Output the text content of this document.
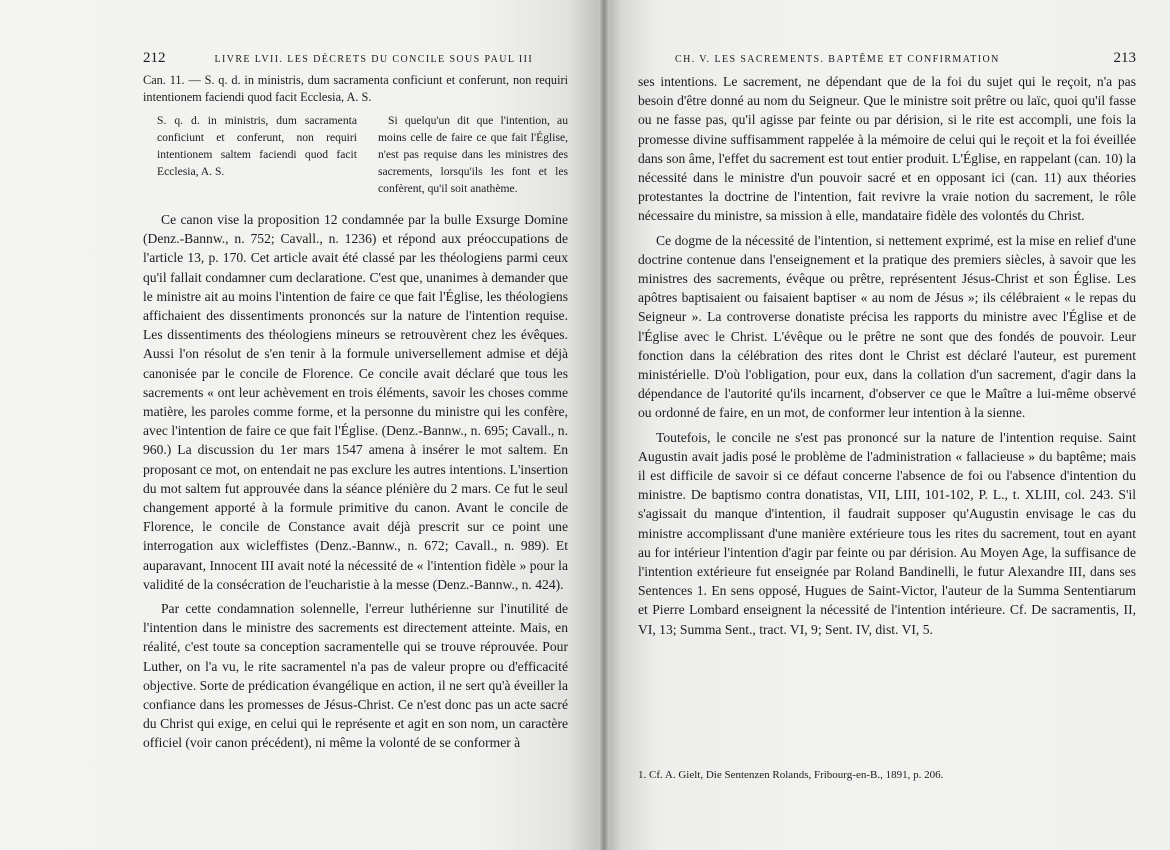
212	LIVRE LVII. LES DÉCRETS DU CONCILE SOUS PAUL III

Can. 11. — S. q. d. in ministris, dum sacramenta conficiunt et conferunt, non requiri intentionem faciendi quod facit Ecclesia, A. S.

S. q. d. in ministris, dum sacramenta conficiunt et conferunt, non requiri intentionem saltem faciendi quod facit Ecclesia, A. S.

Si quelqu'un dit que l'intention, au moins celle de faire ce que fait l'Église, n'est pas requise dans les ministres des sacrements, lorsqu'ils les font et les confèrent, qu'il soit anathème.

Ce canon vise la proposition 12 condamnée par la bulle Exsurge Domine (Denz.-Bannw., n. 752; Cavall., n. 1236) et répond aux préoccupations de l'article 13, p. 170. Cet article avait été classé par les théologiens parmi ceux qu'il fallait condamner cum declaratione. C'est que, unanimes à demander que le ministre ait au moins l'intention de faire ce que fait l'Église, les théologiens affichaient des dissentiments prononcés sur la nature de l'intention requise. Les dissentiments des théologiens mineurs se retrouvèrent chez les évêques. Aussi l'on résolut de s'en tenir à la formule universellement admise et déjà canonisée par le concile de Florence. Ce concile avait déclaré que tous les sacrements « ont leur achèvement en trois éléments, savoir les choses comme matière, les paroles comme forme, et la personne du ministre qui les confère, avec l'intention de faire ce que fait l'Église. (Denz.-Bannw., n. 695; Cavall., n. 960.) La discussion du 1er mars 1547 amena à insérer le mot saltem. En proposant ce mot, on entendait ne pas exclure les autres intentions. L'insertion du mot saltem fut approuvée dans la séance plénière du 2 mars. Ce fut le seul changement apporté à la formule primitive du canon. Avant le concile de Florence, le concile de Constance avait déjà prescrit sur ce point une interrogation aux wicleffistes (Denz.-Bannw., n. 672; Cavall., n. 989). Et auparavant, Innocent III avait noté la nécessité de « l'intention fidèle » pour la validité de la consécration de l'eucharistie à la messe (Denz.-Bannw., n. 424).

Par cette condamnation solennelle, l'erreur luthérienne sur l'inutilité de l'intention dans le ministre des sacrements est directement atteinte. Mais, en réalité, c'est toute sa conception sacramentelle qui se trouve réprouvée. Pour Luther, on l'a vu, le rite sacramentel n'a pas de valeur propre ou d'efficacité objective. Sorte de prédication évangélique en action, il ne sert qu'à éveiller la confiance dans les promesses de Jésus-Christ. Ce n'est donc pas un acte sacré du Christ qui exige, en celui qui le représente et agit en son nom, un caractère officiel (voir canon précédent), ni même la volonté de se conformer à

CH. V. LES SACREMENTS. BAPTÊME ET CONFIRMATION	213

ses intentions. Le sacrement, ne dépendant que de la foi du sujet qui le reçoit, n'a pas besoin d'être donné au nom du Seigneur. Que le ministre soit prêtre ou laïc, quoi qu'il fasse ou ne fasse pas, qu'il agisse par feinte ou par dérision, si le rite est accompli, une fois la promesse divine suffisamment rappelée à la mémoire de celui qui le reçoit et la foi éveillée dans son âme, l'effet du sacrement est tout entier produit. L'Église, en rappelant (can. 10) la nécessité dans le ministre d'un pouvoir sacré et en opposant ici (can. 11) aux théories protestantes la doctrine de l'intention, fait revivre la vraie notion du sacrement, le rôle nécessaire du ministre, sa mission à elle, mandataire fidèle des volontés du Christ.

Ce dogme de la nécessité de l'intention, si nettement exprimé, est la mise en relief d'une doctrine contenue dans l'enseignement et la pratique des premiers siècles, à savoir que les ministres des sacrements, évêque ou prêtre, représentent Jésus-Christ et son Église. Les apôtres baptisaient ou faisaient baptiser « au nom de Jésus »; ils célébraient « le repas du Seigneur ». La controverse donatiste précisa les rapports du ministre avec l'Église et de l'Église avec le Christ. L'évêque ou le prêtre ne sont que des fondés de pouvoir. Leur fonction dans la célébration des rites dont le Christ est déclaré l'auteur, est purement ministérielle. D'où l'obligation, pour eux, dans la collation d'un sacrement, d'agir dans la dépendance de l'autorité qu'ils incarnent, d'observer ce que le Maître a lui-même observé ou ordonné de faire, en un mot, de conformer leur intention à la sienne.

Toutefois, le concile ne s'est pas prononcé sur la nature de l'intention requise. Saint Augustin avait jadis posé le problème de l'administration « fallacieuse » du baptême; mais il est difficile de savoir si ce défaut concerne l'absence de foi ou l'absence d'intention du ministre. De baptismo contra donatistas, VII, LIII, 101-102, P. L., t. XLIII, col. 243. S'il s'agissait du manque d'intention, il faudrait supposer qu'Augustin envisage le cas du ministre accomplissant d'une manière extérieure tous les rites du sacrement, tout en ayant au for intérieur l'intention d'agir par feinte ou par dérision. Au Moyen Age, la suffisance de l'intention extérieure fut enseignée par Roland Bandinelli, le futur Alexandre III, dans ses Sentences 1. En sens opposé, Hugues de Saint-Victor, l'auteur de la Summa Sententiarum et Pierre Lombard enseignent la nécessité de l'intention intérieure. Cf. De sacramentis, II, VI, 13; Summa Sent., tract. VI, 9; Sent. IV, dist. VI, 5.

1. Cf. A. Gielt, Die Sentenzen Rolands, Fribourg-en-B., 1891, p. 206.
